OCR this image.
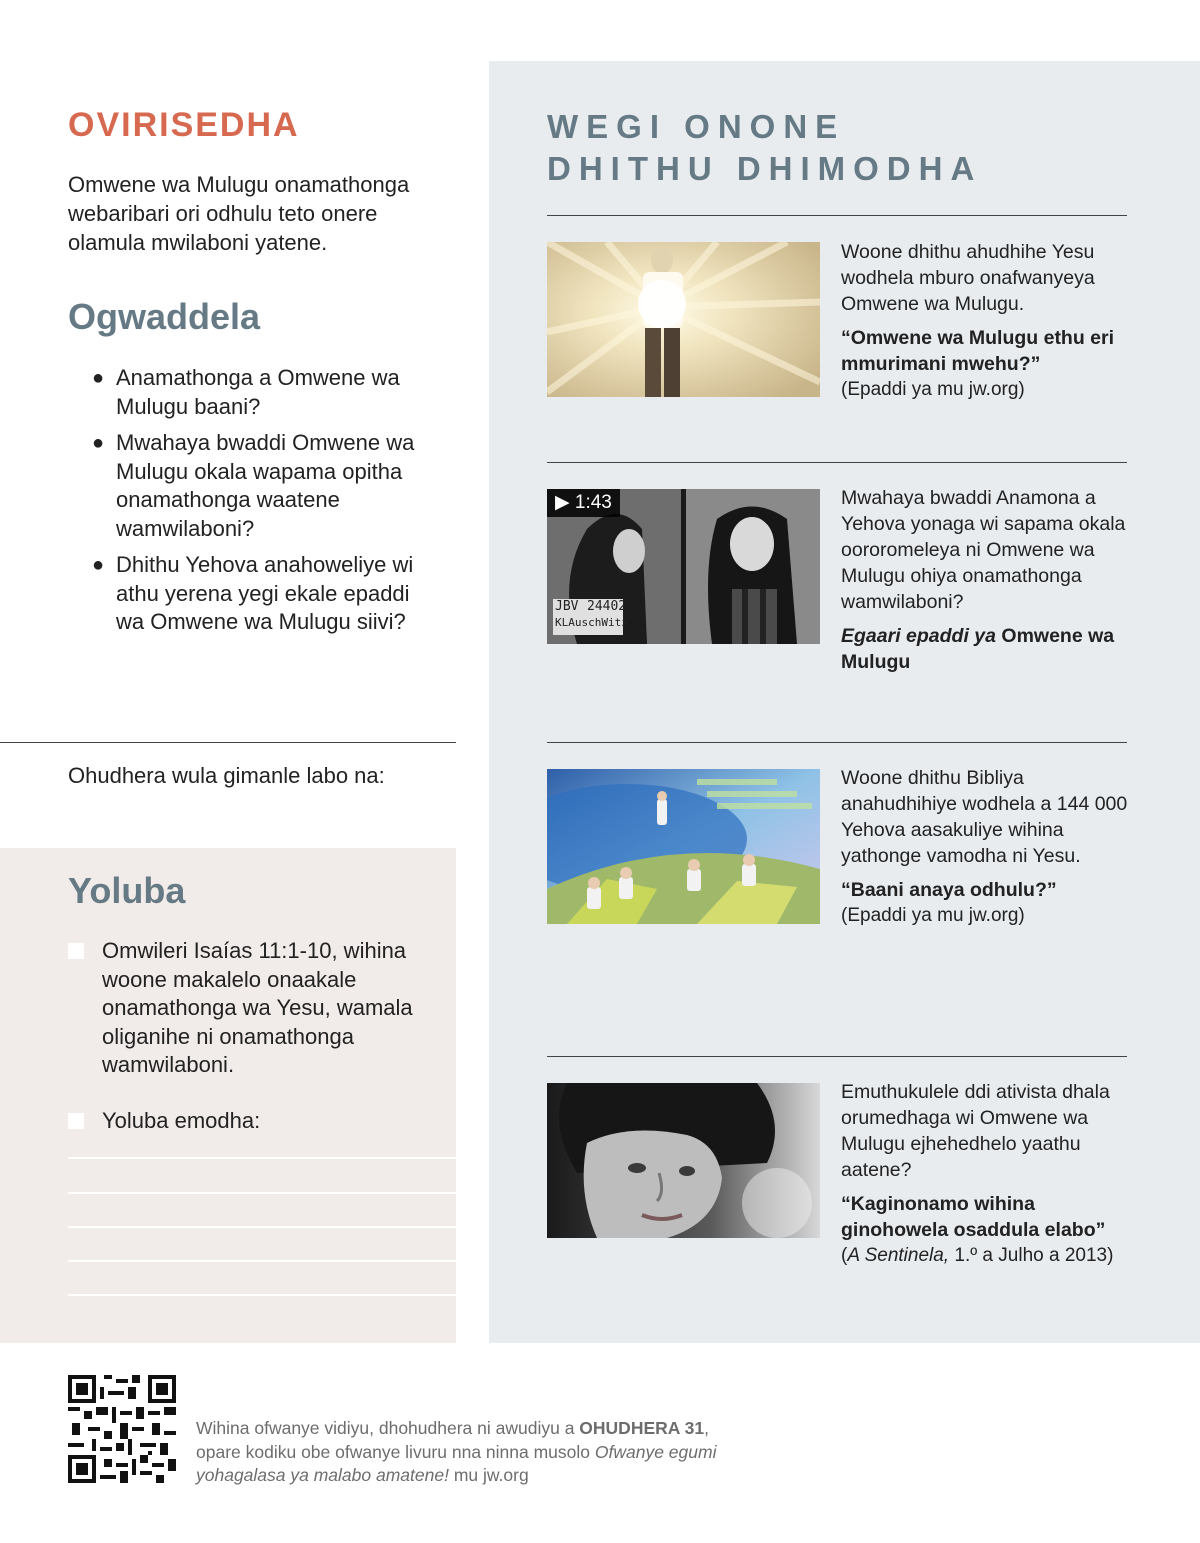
OVIRISEDHA

Omwene wa Mulugu onamathonga webaribari ori odhulu teto onere olamula mwilaboni yatene.

Ogwaddela
● Anamathonga a Omwene wa Mulugu baani?
● Mwahaya bwaddi Omwene wa Mulugu okala wapama opitha onamathonga waatene wamwilaboni?
● Dhithu Yehova anahoweliye wi athu yerena yegi ekale epaddi wa Omwene wa Mulugu siivi?

Ohudhera wula gimanle labo na:

Yoluba
Omwileri Isaías 11:1-10, wihina woone makalelo onaakale onamathonga wa Yesu, wamala oliganihe ni onamathonga wamwilaboni.
Yoluba emodha:
WEGI ONONE
DHITHU DHIMODHA

Woone dhithu ahudhihe Yesu wodhela mburo onafwanyeya Omwene wa Mulugu.

“Omwene wa Mulugu ethu eri mmurimani mwehu?”

(Epaddi ya mu jw.org)

▶ 1:43
JBV 24402
KLAuschWitz

Mwahaya bwaddi Anamona a Yehova yonaga wi sapama okala oororomeleya ni Omwene wa Mulugu ohiya onamathonga wamwilaboni?

Egaari epaddi ya Omwene wa Mulugu

Woone dhithu Bibliya anahudhihiye wodhela a 144 000 Yehova aasakuliye wihina yathonge vamodha ni Yesu.

“Baani anaya odhulu?”

(Epaddi ya mu jw.org)

Emuthukulele ddi ativista dhala orumedhaga wi Omwene wa Mulugu ejhehedhelo yaathu aatene?

“Kaginonamo wihina ginohowela osaddula elabo”

(A Sentinela, 1.º a Julho a 2013)

Wihina ofwanye vidiyu, dhohudhera ni awudiyu a OHUDHERA 31, opare kodiku obe ofwanye livuru nna ninna musolo Ofwanye egumi yohagalasa ya malabo amatene! mu jw.org
